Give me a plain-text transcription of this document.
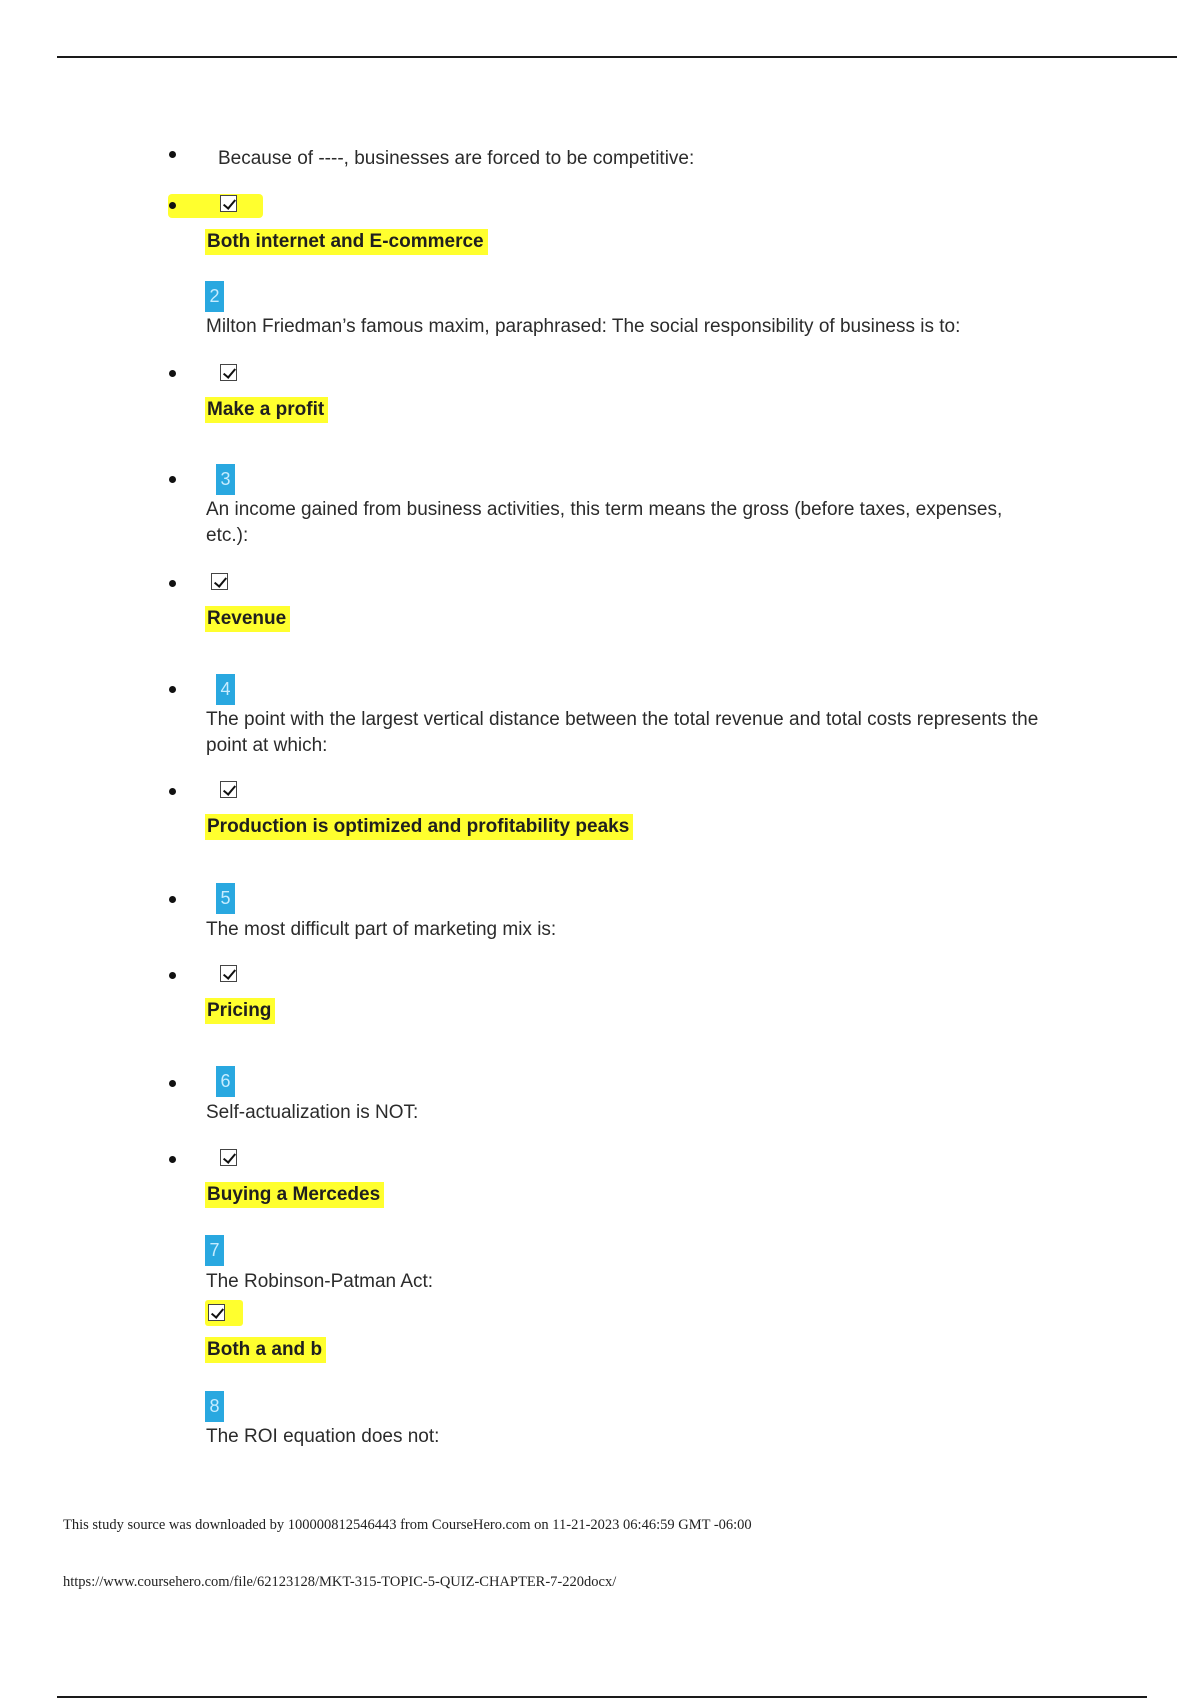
Because of ----, businesses are forced to be competitive:
Both internet and E-commerce
2
Milton Friedman’s famous maxim, paraphrased: The social responsibility of business is to:
Make a profit
3
An income gained from business activities, this term means the gross (before taxes, expenses, etc.):
Revenue
4
The point with the largest vertical distance between the total revenue and total costs represents the point at which:
Production is optimized and profitability peaks
5
The most difficult part of marketing mix is:
Pricing
6
Self-actualization is NOT:
Buying a Mercedes
7
The Robinson-Patman Act:
Both a and b
8
The ROI equation does not:
This study source was downloaded by 100000812546443 from CourseHero.com on 11-21-2023 06:46:59 GMT -06:00
https://www.coursehero.com/file/62123128/MKT-315-TOPIC-5-QUIZ-CHAPTER-7-220docx/
